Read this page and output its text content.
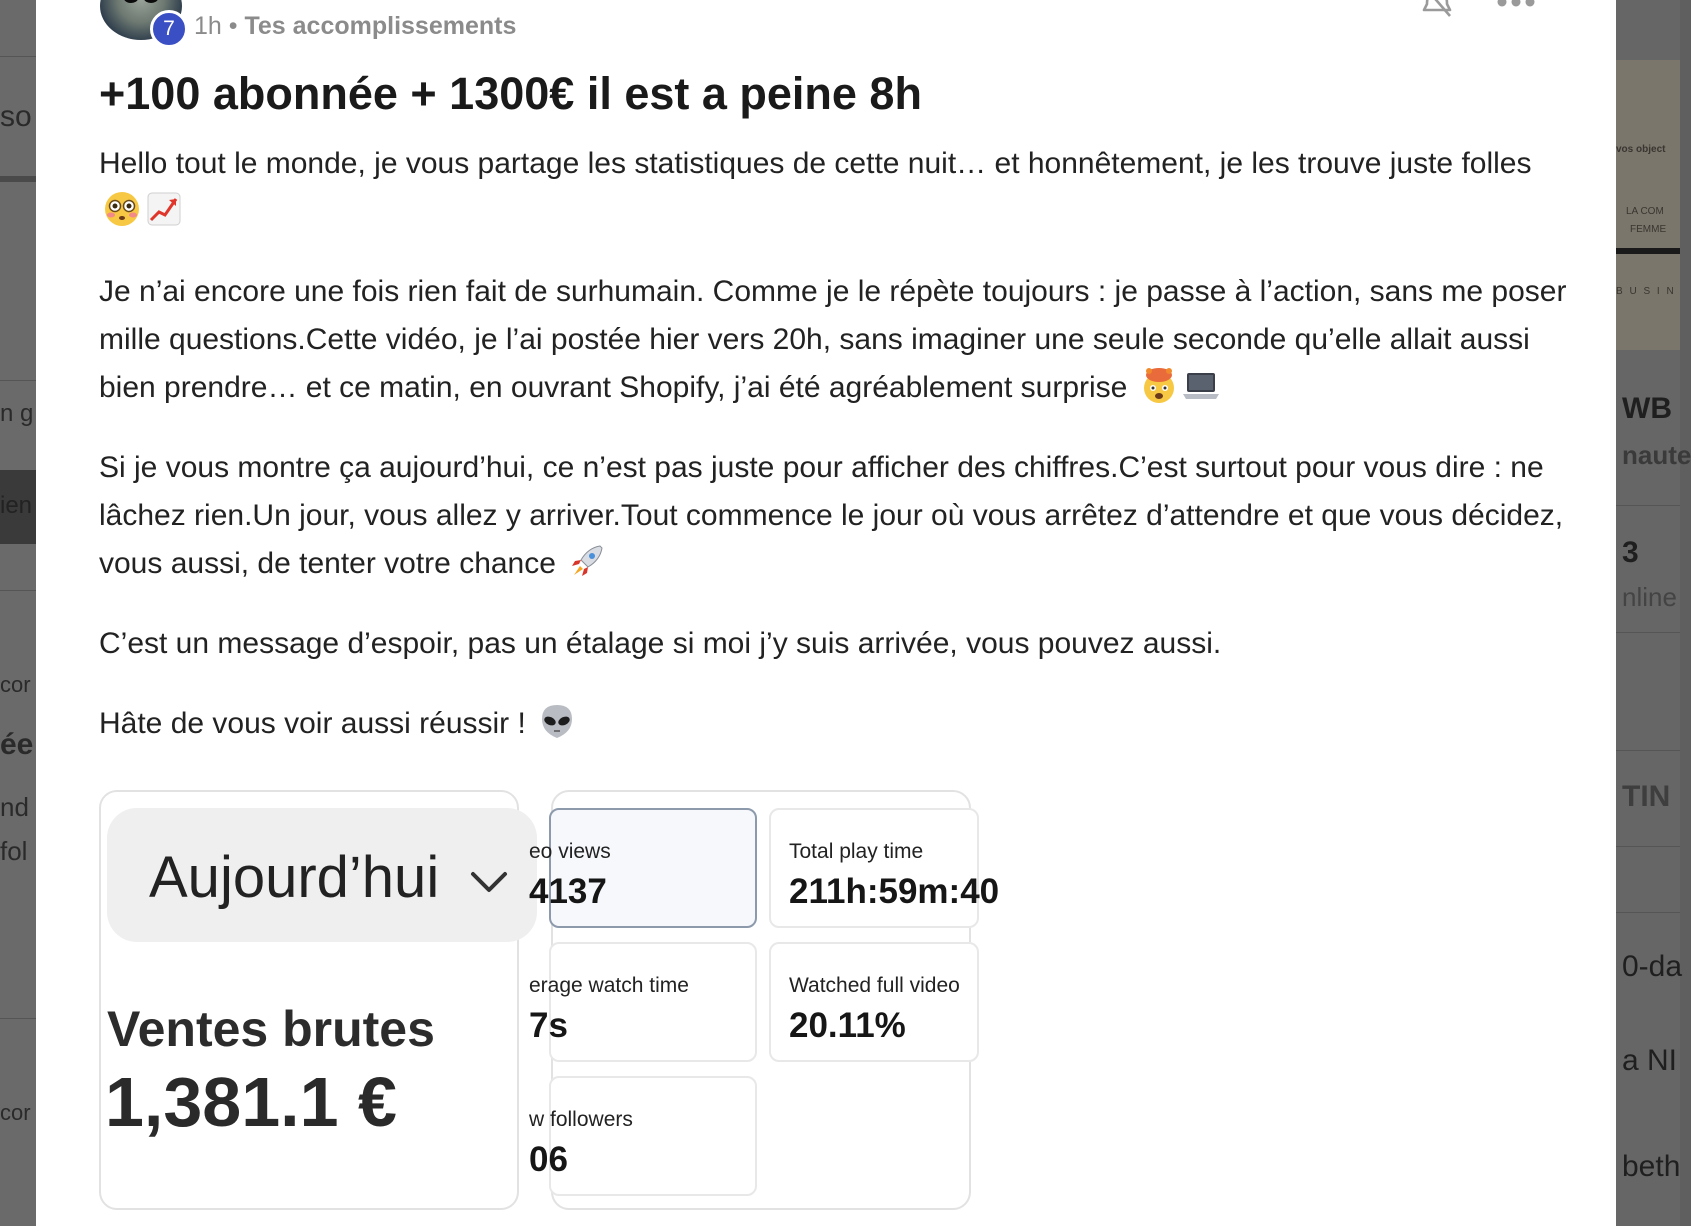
so
n g
ien
cor
ée
nd
fol
cor
vos object
LA COM
FEMME
B U S I N
WB
naute
3
nline
TIN
0-da
a NI
beth
7 1h • Tes accomplissements
+100 abonnée + 1300€ il est a peine 8h

Hello tout le monde, je vous partage les statistiques de cette nuit… et honnêtement, je les trouve juste folles

Je n’ai encore une fois rien fait de surhumain. Comme je le répète toujours : je passe à l’action, sans me poser mille questions.Cette vidéo, je l’ai postée hier vers 20h, sans imaginer une seule seconde qu’elle allait aussi bien prendre… et ce matin, en ouvrant Shopify, j’ai été agréablement surprise

Si je vous montre ça aujourd’hui, ce n’est pas juste pour afficher des chiffres.C’est surtout pour vous dire : ne lâchez rien.Un jour, vous allez y arriver.Tout commence le jour où vous arrêtez d’attendre et que vous décidez, vous aussi, de tenter votre chance

C’est un message d’espoir, pas un étalage si moi j’y suis arrivée, vous pouvez aussi.

Hâte de vous voir aussi réussir !

Aujourd’hui
Ventes brutes
1,381.1 €
eo views
4137
Total play time
211h:59m:40
erage watch time
7s
Watched full video
20.11%
w followers
06
